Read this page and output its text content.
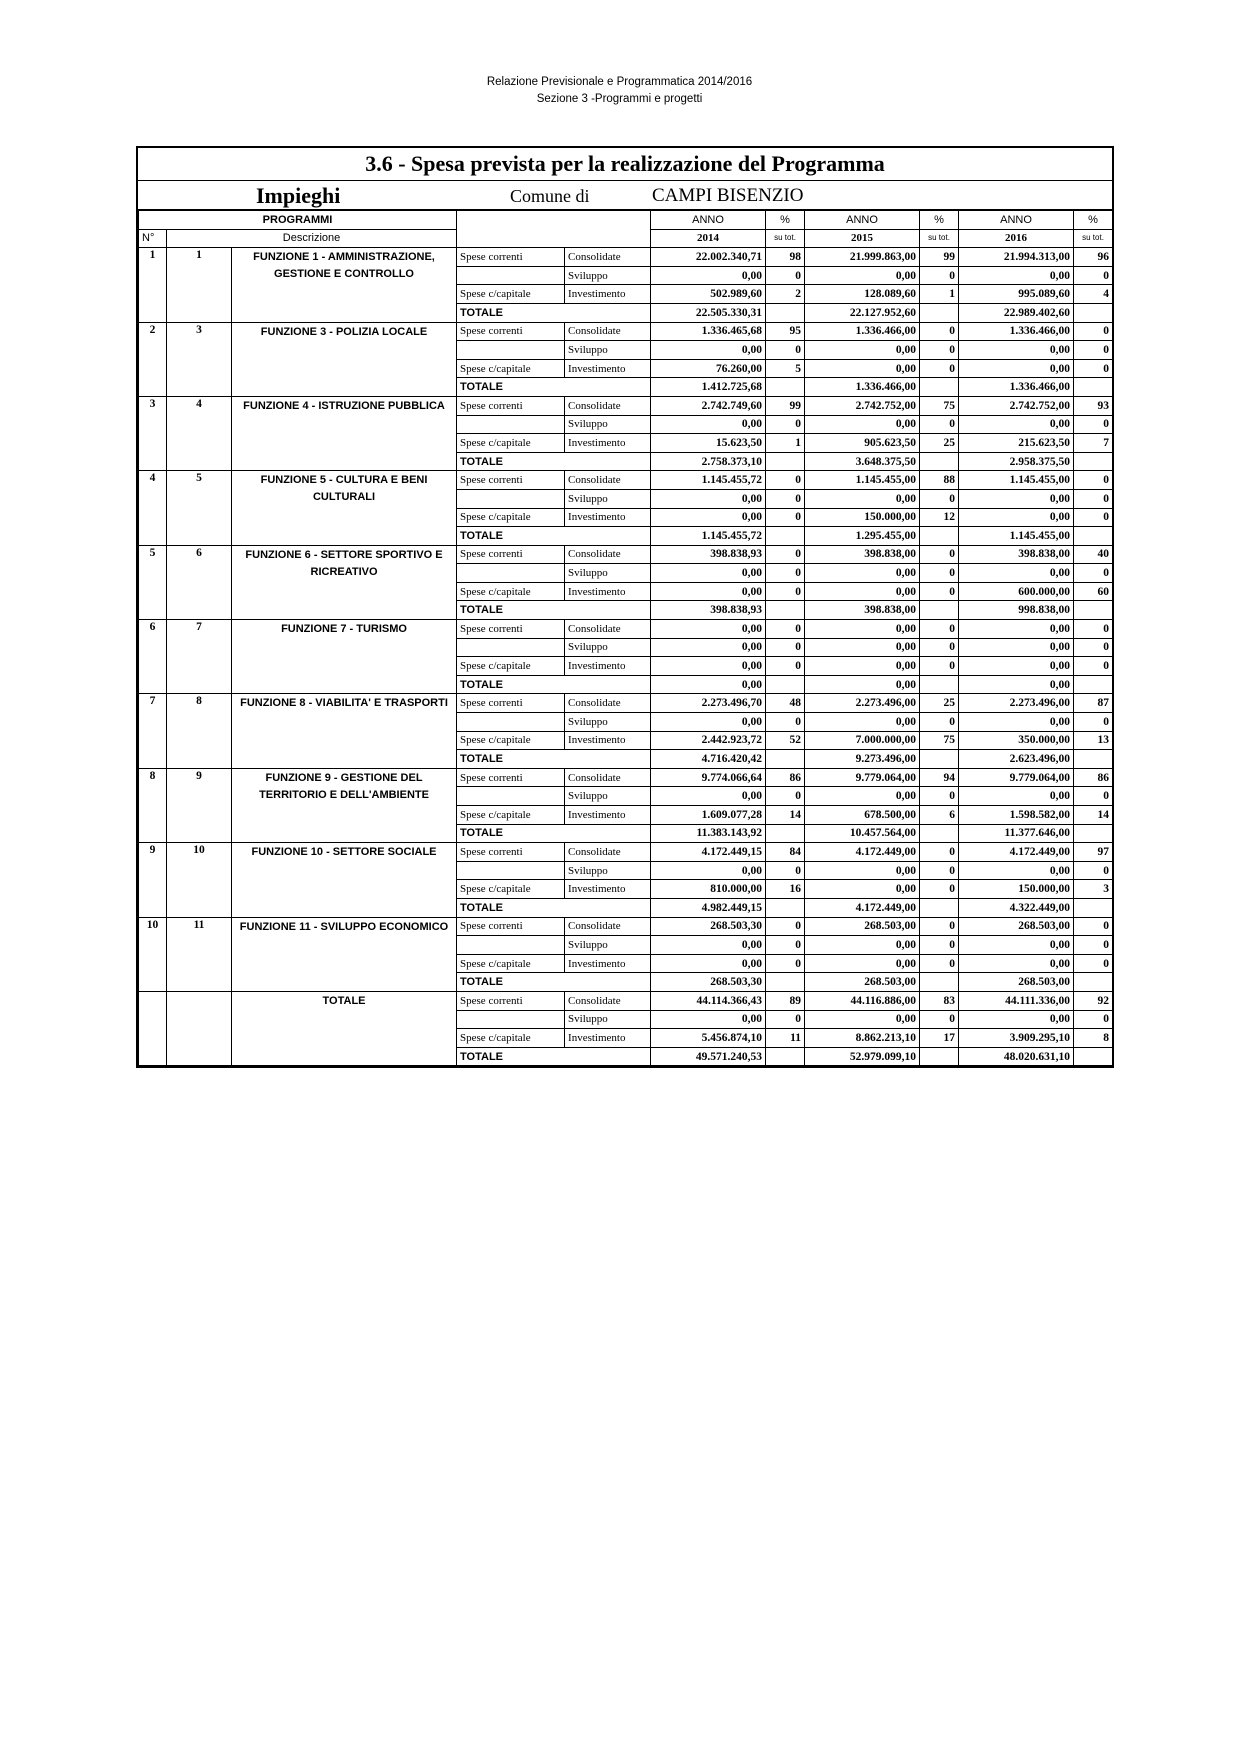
Relazione Previsionale e Programmatica 2014/2016
Sezione 3 -Programmi e progetti
3.6 - Spesa prevista per la realizzazione del Programma
Impieghi	Comune di	CAMPI BISENZIO
PROGRAMMI					ANNO	%	ANNO	%	ANNO	%
N°	Descrizione				2014	su tot.	2015	su tot.	2016	su tot.
1	1	FUNZIONE 1 - AMMINISTRAZIONE, GESTIONE E CONTROLLO	Spese correnti	Consolidate	22.002.340,71	98	21.999.863,00	99	21.994.313,00	96
				Sviluppo	0,00	0	0,00	0	0,00	0
			Spese c/capitale	Investimento	502.989,60	2	128.089,60	1	995.089,60	4
			TOTALE		22.505.330,31		22.127.952,60		22.989.402,60	
2	3	FUNZIONE 3 - POLIZIA LOCALE	Spese correnti	Consolidate	1.336.465,68	95	1.336.466,00	0	1.336.466,00	0
				Sviluppo	0,00	0	0,00	0	0,00	0
			Spese c/capitale	Investimento	76.260,00	5	0,00	0	0,00	0
			TOTALE		1.412.725,68		1.336.466,00		1.336.466,00	
3	4	FUNZIONE 4 - ISTRUZIONE PUBBLICA	Spese correnti	Consolidate	2.742.749,60	99	2.742.752,00	75	2.742.752,00	93
				Sviluppo	0,00	0	0,00	0	0,00	0
			Spese c/capitale	Investimento	15.623,50	1	905.623,50	25	215.623,50	7
			TOTALE		2.758.373,10		3.648.375,50		2.958.375,50	
4	5	FUNZIONE 5 - CULTURA E BENI CULTURALI	Spese correnti	Consolidate	1.145.455,72	0	1.145.455,00	88	1.145.455,00	0
				Sviluppo	0,00	0	0,00	0	0,00	0
			Spese c/capitale	Investimento	0,00	0	150.000,00	12	0,00	0
			TOTALE		1.145.455,72		1.295.455,00		1.145.455,00	
5	6	FUNZIONE 6 - SETTORE SPORTIVO E RICREATIVO	Spese correnti	Consolidate	398.838,93	0	398.838,00	0	398.838,00	40
				Sviluppo	0,00	0	0,00	0	0,00	0
			Spese c/capitale	Investimento	0,00	0	0,00	0	600.000,00	60
			TOTALE		398.838,93		398.838,00		998.838,00	
6	7	FUNZIONE 7 - TURISMO	Spese correnti	Consolidate	0,00	0	0,00	0	0,00	0
				Sviluppo	0,00	0	0,00	0	0,00	0
			Spese c/capitale	Investimento	0,00	0	0,00	0	0,00	0
			TOTALE		0,00		0,00		0,00	
7	8	FUNZIONE 8 - VIABILITA' E TRASPORTI	Spese correnti	Consolidate	2.273.496,70	48	2.273.496,00	25	2.273.496,00	87
				Sviluppo	0,00	0	0,00	0	0,00	0
			Spese c/capitale	Investimento	2.442.923,72	52	7.000.000,00	75	350.000,00	13
			TOTALE		4.716.420,42		9.273.496,00		2.623.496,00	
8	9	FUNZIONE 9 - GESTIONE DEL TERRITORIO E DELL'AMBIENTE	Spese correnti	Consolidate	9.774.066,64	86	9.779.064,00	94	9.779.064,00	86
				Sviluppo	0,00	0	0,00	0	0,00	0
			Spese c/capitale	Investimento	1.609.077,28	14	678.500,00	6	1.598.582,00	14
			TOTALE		11.383.143,92		10.457.564,00		11.377.646,00	
9	10	FUNZIONE 10 - SETTORE SOCIALE	Spese correnti	Consolidate	4.172.449,15	84	4.172.449,00	0	4.172.449,00	97
				Sviluppo	0,00	0	0,00	0	0,00	0
			Spese c/capitale	Investimento	810.000,00	16	0,00	0	150.000,00	3
			TOTALE		4.982.449,15		4.172.449,00		4.322.449,00	
10	11	FUNZIONE 11 - SVILUPPO ECONOMICO	Spese correnti	Consolidate	268.503,30	0	268.503,00	0	268.503,00	0
				Sviluppo	0,00	0	0,00	0	0,00	0
			Spese c/capitale	Investimento	0,00	0	0,00	0	0,00	0
			TOTALE		268.503,30		268.503,00		268.503,00	
		TOTALE	Spese correnti	Consolidate	44.114.366,43	89	44.116.886,00	83	44.111.336,00	92
				Sviluppo	0,00	0	0,00	0	0,00	0
			Spese c/capitale	Investimento	5.456.874,10	11	8.862.213,10	17	3.909.295,10	8
			TOTALE		49.571.240,53		52.979.099,10		48.020.631,10	
